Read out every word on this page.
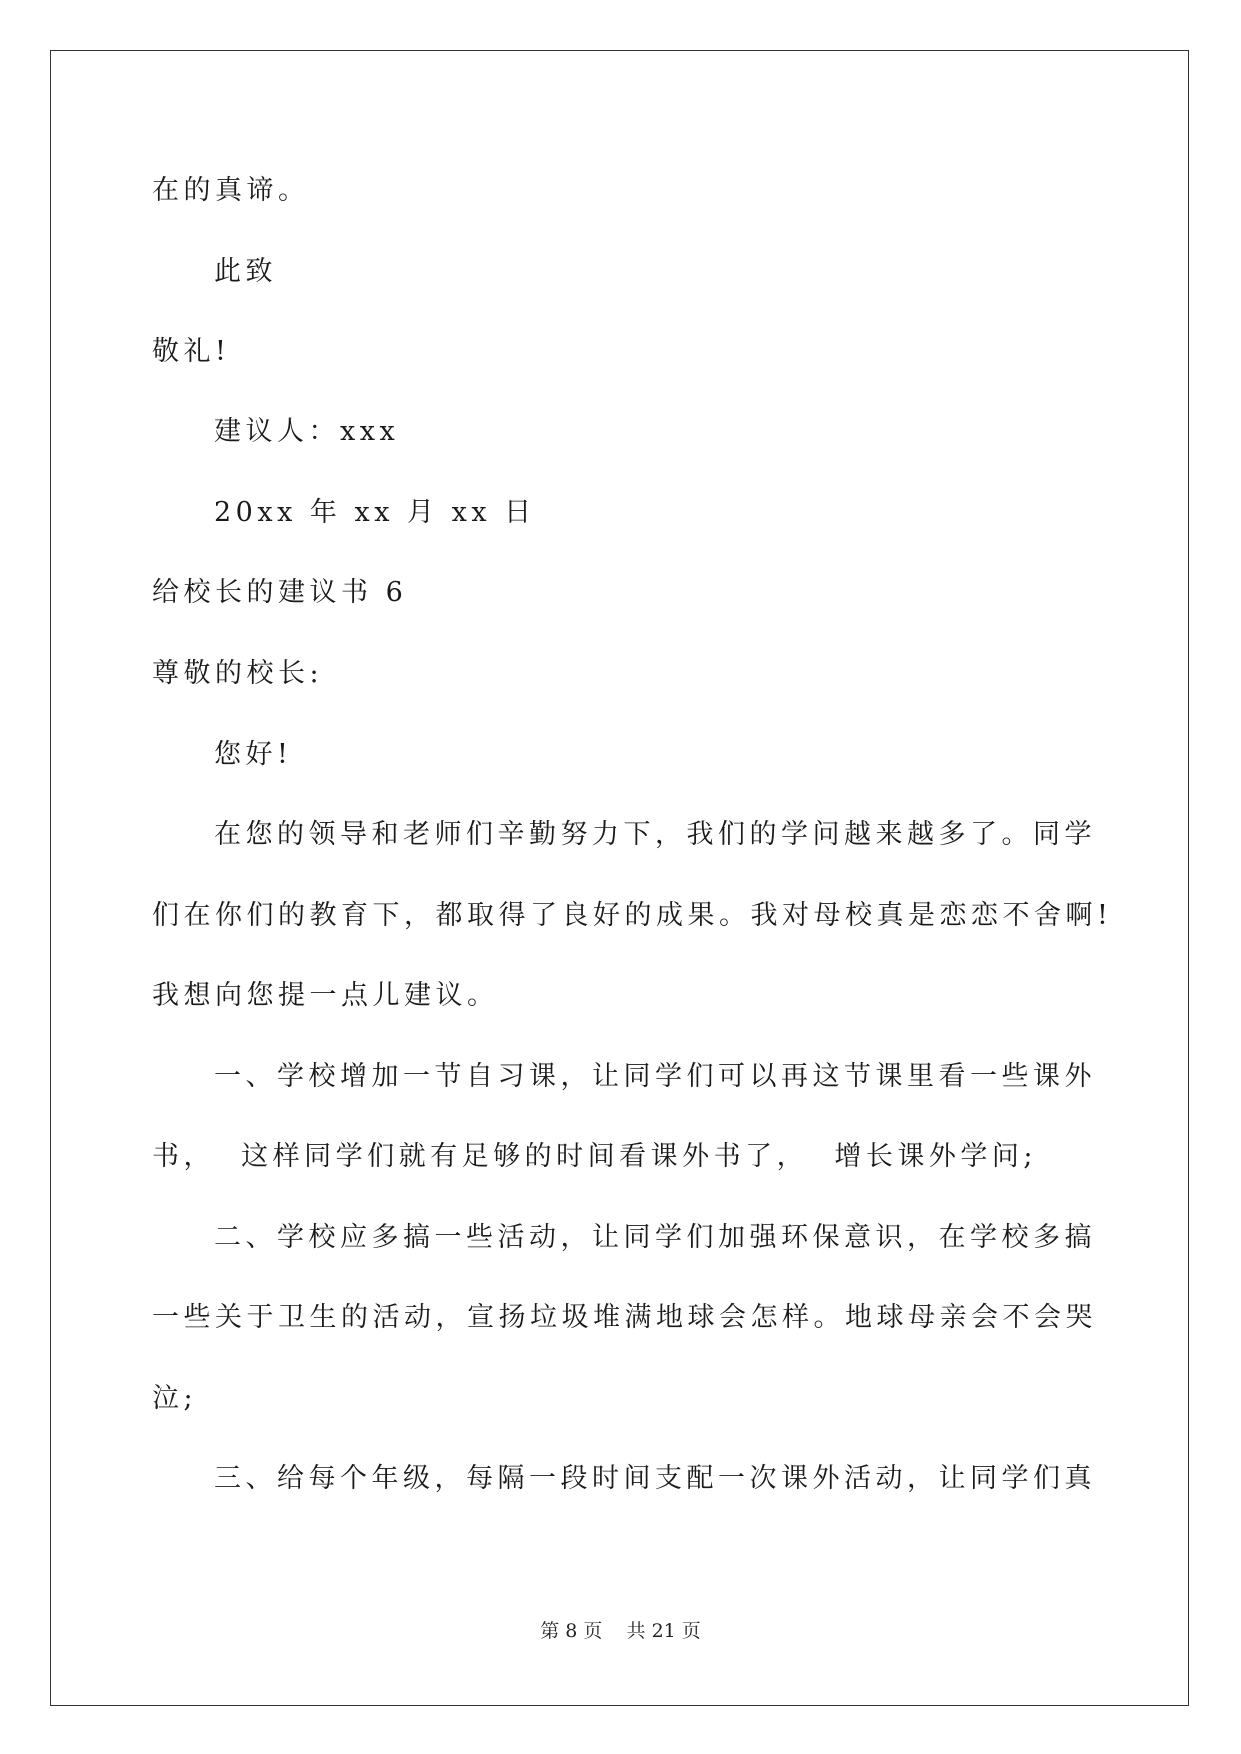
在的真谛。
此致
敬礼!
建议人：xxx
20xx 年 xx 月 xx 日
给校长的建议书 6
尊敬的校长:
您好!
在您的领导和老师们辛勤努力下，我们的学问越来越多了。同学
们在你们的教育下，都取得了良好的成果。我对母校真是恋恋不舍啊!
我想向您提一点儿建议。
一、学校增加一节自习课，让同学们可以再这节课里看一些课外
书，  这样同学们就有足够的时间看课外书了，  增长课外学问;
二、学校应多搞一些活动，让同学们加强环保意识，在学校多搞
一些关于卫生的活动，宣扬垃圾堆满地球会怎样。地球母亲会不会哭
泣;
三、给每个年级，每隔一段时间支配一次课外活动，让同学们真
第 8 页    共 21 页
